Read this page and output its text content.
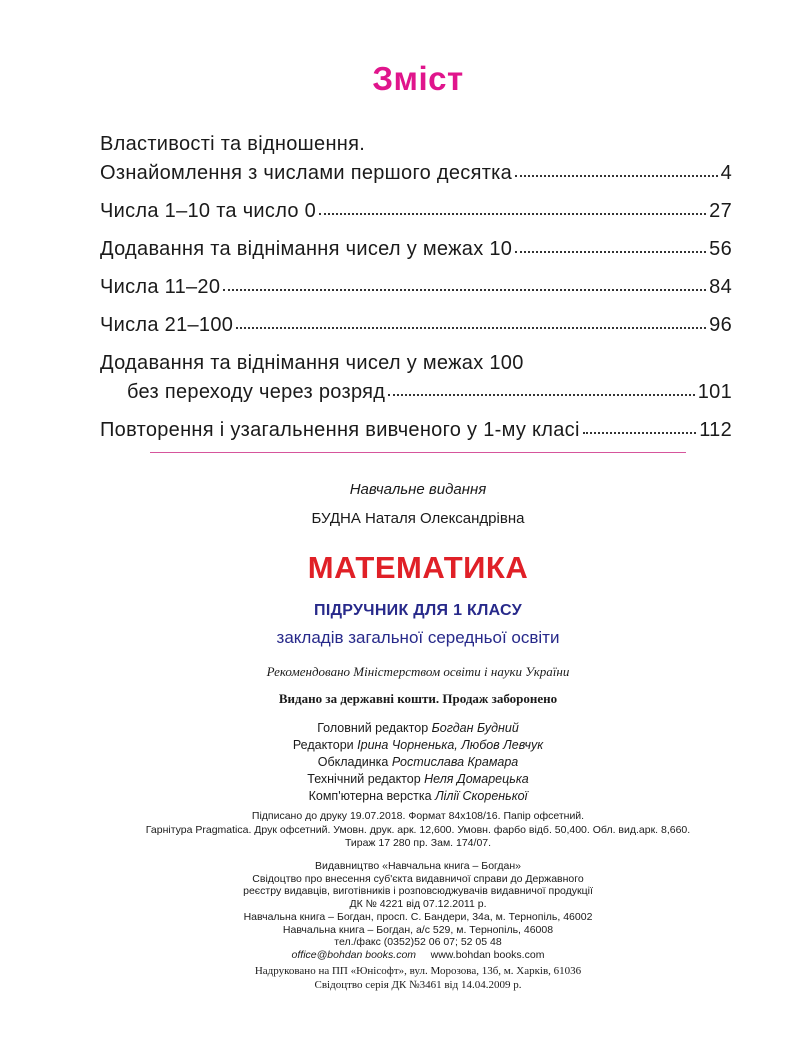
Зміст
Властивості та відношення.
Ознайомлення з числами першого десятка	4
Числа 1–10 та число 0	27
Додавання та віднімання чисел у межах 10	56
Числа 11–20	84
Числа 21–100	96
Додавання та віднімання чисел у межах 100
без переходу через розряд	101
Повторення і узагальнення вивченого у 1-му класі	112
Навчальне видання
БУДНА Наталя Олександрівна
МАТЕМАТИКА
ПІДРУЧНИК ДЛЯ 1 КЛАСУ
закладів загальної середньої освіти
Рекомендовано Міністерством освіти і науки України
Видано за державні кошти. Продаж заборонено
Головний редактор Богдан Будний
Редактори Ірина Чорненька, Любов Левчук
Обкладинка Ростислава Крамара
Технічний редактор Неля Домарецька
Комп'ютерна верстка Лілії Скоренької
Підписано до друку 19.07.2018. Формат 84x108/16. Папір офсетний.
Гарнітура Pragmatica. Друк офсетний. Умовн. друк. арк. 12,600. Умовн. фарбо відб. 50,400. Обл. вид.арк. 8,660.
Тираж 17 280 пр. Зам. 174/07.
Видавництво «Навчальна книга – Богдан»
Свідоцтво про внесення суб'єкта видавничої справи до Державного
реєстру видавців, виготівників і розповсюджувачів видавничої продукції
ДК № 4221 від 07.12.2011 р.
Навчальна книга – Богдан, просп. С. Бандери, 34а, м. Тернопіль, 46002
Навчальна книга – Богдан, а/с 529, м. Тернопіль, 46008
тел./факс (0352)52 06 07; 52 05 48
office@bohdan books.com www.bohdan books.com
Надруковано на ПП «Юнісофт», вул. Морозова, 13б, м. Харків, 61036
Свідоцтво серія ДК №3461 від 14.04.2009 р.
